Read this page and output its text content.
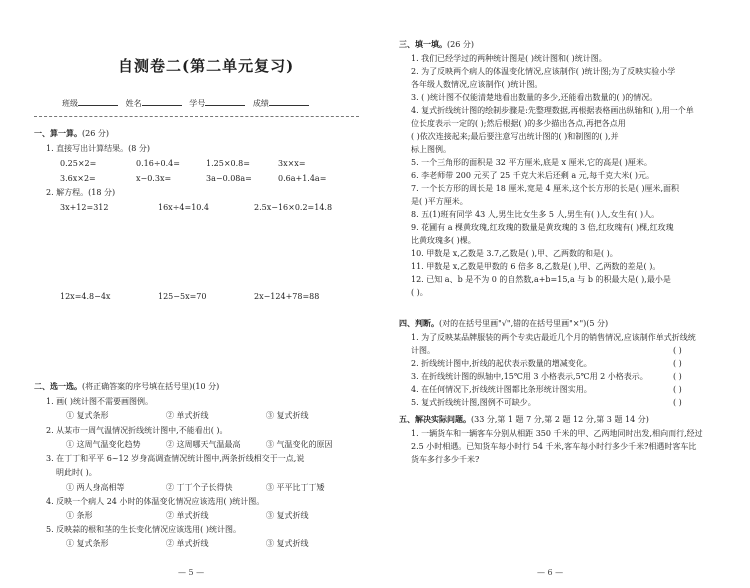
自测卷二(第二单元复习)
班级	姓名	学号	成绩
一、算一算。(26 分)
1. 直接写出计算结果。(8 分)
0.25×2=	0.16÷0.4=	1.25×0.8=	3x×x=
3.6x×2=	x−0.3x=	3a−0.08a=	0.6a+1.4a=
2. 解方程。(18 分)
3x+12=312	16x÷4=10.4	2.5x−16×0.2=14.8
12x=4.8−4x	125−5x=70	2x−124+78=88
二、选一选。(将正确答案的序号填在括号里)(10 分)
1. 画( )统计图不需要画图例。
① 复式条形	② 单式折线	③ 复式折线
2. 从某市一周气温情况折线统计图中,不能看出( )。
① 这周气温变化趋势	② 这周哪天气温最高	③ 气温变化的原因
3. 在丁丁和平平 6~12 岁身高调查情况统计图中,两条折线相交于一点,说
明此时( )。
① 两人身高相等	② 丁丁个子长得快	③ 平平比丁丁矮
4. 反映一个病人 24 小时的体温变化情况应该选用( )统计图。
① 条形	② 单式折线	③ 复式折线
5. 反映蒜的根和茎的生长变化情况应该选用( )统计图。
① 复式条形	② 单式折线	③ 复式折线
— 5 —
三、填一填。(26 分)
1. 我们已经学过的两种统计图是( )统计图和( )统计图。
2. 为了反映两个病人的体温变化情况,应该制作( )统计图;为了反映实验小学
各年级人数情况,应该制作( )统计图。
3. ( )统计图不仅能清楚地看出数量的多少,还能看出数量的( )的情况。
4. 复式折线统计图的绘制步骤是:先整理数据,再根据表格画出纵轴和( ),用一个单
位长度表示一定的( );然后根据( )的多少描出各点,再把各点用
( )依次连接起来;最后要注意写出统计图的( )和制图的( ),并
标上图例。
5. 一个三角形的面积是 32 平方厘米,底是 x 厘米,它的高是( )厘米。
6. 李老师带 200 元买了 25 千克大米后还剩 a 元,每千克大米( )元。
7. 一个长方形的周长是 18 厘米,宽是 4 厘米,这个长方形的长是( )厘米,面积
是( )平方厘米。
8. 五(1)班有同学 43 人,男生比女生多 5 人,男生有( )人,女生有( )人。
9. 花圃有 a 棵黄玫瑰,红玫瑰的数量是黄玫瑰的 3 倍,红玫瑰有( )棵,红玫瑰
比黄玫瑰多( )棵。
10. 甲数是 x,乙数是 3.7,乙数是( ),甲、乙两数的和是( )。
11. 甲数是 x,乙数是甲数的 6 倍多 8,乙数是( ),甲、乙两数的差是( )。
12. 已知 a、b 是不为 0 的自然数,a+b=15,a 与 b 的积最大是( ),最小是
( )。
四、判断。(对的在括号里画"√",错的在括号里画"×")(5 分)
1. 为了反映某品牌服装的两个专卖店最近几个月的销售情况,应该制作单式折线统
计图。
2. 折线统计图中,折线的起伏表示数量的增减变化。
3. 在折线统计图的纵轴中,15℃用 3 小格表示,5℃用 2 小格表示。
4. 在任何情况下,折线统计图都比条形统计图实用。
5. 复式折线统计图,图例不可缺少。
( )
( )
( )
( )
( )
五、解决实际问题。(33 分,第 1 题 7 分,第 2 题 12 分,第 3 题 14 分)
1. 一辆货车和一辆客车分别从相距 350 千米的甲、乙两地同时出发,相向而行,经过
2.5 小时相遇。已知货车每小时行 54 千米,客车每小时行多少千米?相遇时客车比
货车多行多少千米?
— 6 —
